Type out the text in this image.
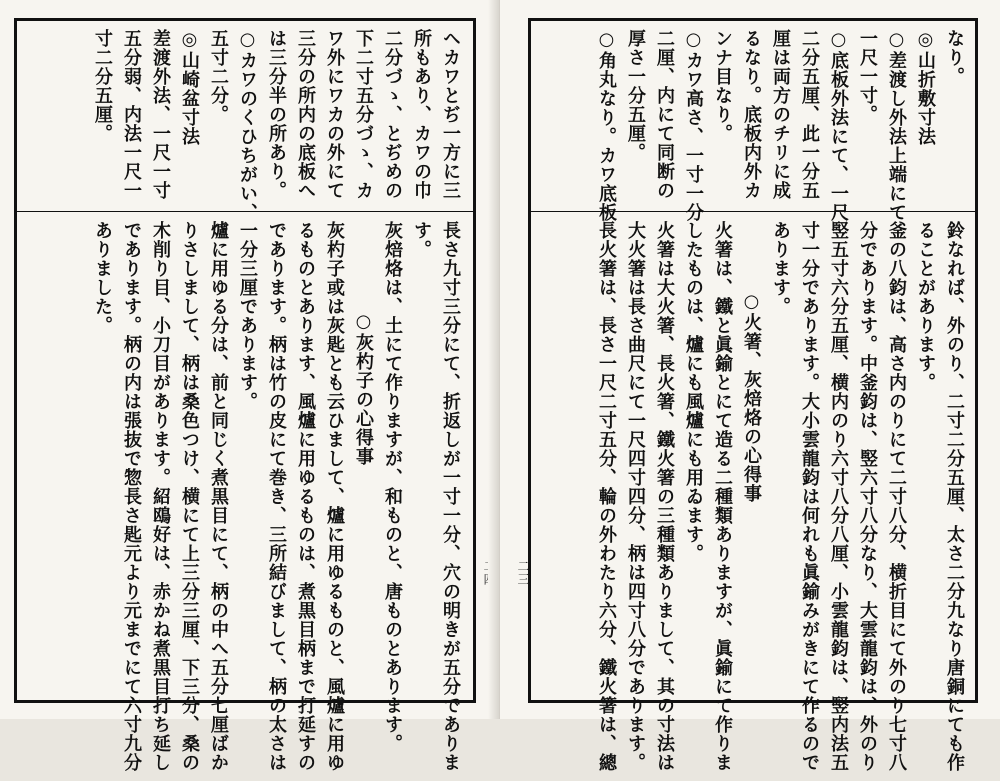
ヘカワとぢ一方に三
所もあり、カワの巾
二分づゝ、とぢめの
下二寸五分づゝ、カ
ワ外にワカの外にて
三分の所内の底板へ
は三分半の所あり。
○カワのくひちがい、
五寸二分。
◎山崎盆寸法
差渡外法、一尺一寸
五分弱、内法一尺一
寸二分五厘。
長さ九寸三分にて、折返しが一寸一分、穴の明きが五分でありま
す。
灰焙烙は、土にて作りますが、和ものと、唐ものとあります。
○灰杓子の心得事
灰杓子或は灰匙とも云ひまして、爐に用ゆるものと、風爐に用ゆ
るものとあります、風爐に用ゆるものは、煮黒目柄まで打延すの
であります。柄は竹の皮にて巻き、三所結びまして、柄の太さは
一分三厘であります。
爐に用ゆる分は、前と同じく煮黒目にて、柄の中へ五分七厘ばか
りさしまして、柄は桑色つけ、横にて上三分三厘、下三分、桑の
木削り目、小刀目があります。紹鴎好は、赤かね煮黒目打ち延し
であります。柄の内は張抜で惣長さ匙元より元までにて六寸九分
ありました。
二三
なり。
◎山折敷寸法
○差渡し外法上端にて
一尺一寸。
○底板外法にて、一尺
二分五厘、此一分五
厘は両方のチリに成
るなり。底板内外カ
ンナ目なり。
○カワ高さ、一寸一分
二厘、内にて同断の
厚さ一分五厘。
○角丸なり。カワ底板
鈴なれば、外のり、二寸二分五厘、太さ二分九なり唐銅にても作
ることがあります。
釜の八鈞は、高さ内のりにて二寸八分、横折目にて外のり七寸八
分であります。中釜鈞は、竪六寸八分なり、大雲龍鈞は、外のり
竪五寸六分五厘、横内のり六寸八分八厘、小雲龍鈞は、竪内法五
寸一分であります。大小雲龍鈞は何れも眞鍮みがきにて作るので
あります。
○火箸、灰焙烙の心得事
火箸は、鐵と眞鍮とにて造る二種類ありますが、眞鍮にて作りま
したものは、爐にも風爐にも用ゐます。
火箸は大火箸、長火箸、鐵火箸の三種類ありまして、其の寸法は
大火箸は長さ曲尺にて一尺四寸四分、柄は四寸八分であります。
長火箸は、長さ一尺二寸五分、輪の外わたり六分、鐵火箸は、總
